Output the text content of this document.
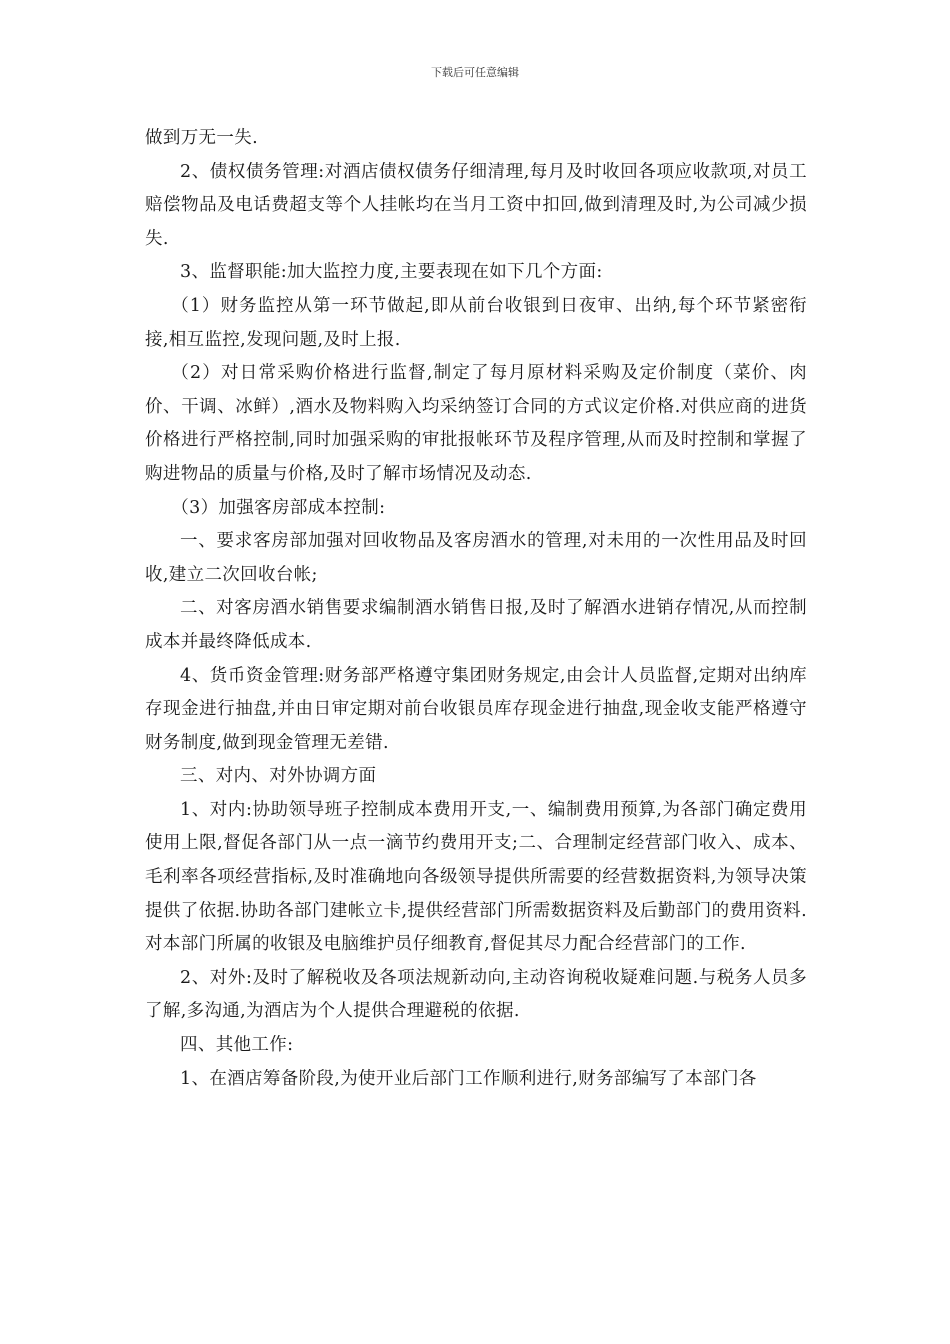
下载后可任意编辑

做到万无一失.

2、债权债务管理:对酒店债权债务仔细清理,每月及时收回各项应收款项,对员工赔偿物品及电话费超支等个人挂帐均在当月工资中扣回,做到清理及时,为公司减少损失.

3、监督职能:加大监控力度,主要表现在如下几个方面:

（1）财务监控从第一环节做起,即从前台收银到日夜审、出纳,每个环节紧密衔接,相互监控,发现问题,及时上报.

（2）对日常采购价格进行监督,制定了每月原材料采购及定价制度（菜价、肉价、干调、冰鲜）,酒水及物料购入均采纳签订合同的方式议定价格.对供应商的进货价格进行严格控制,同时加强采购的审批报帐环节及程序管理,从而及时控制和掌握了购进物品的质量与价格,及时了解市场情况及动态.

（3）加强客房部成本控制:

一、要求客房部加强对回收物品及客房酒水的管理,对未用的一次性用品及时回收,建立二次回收台帐;

二、对客房酒水销售要求编制酒水销售日报,及时了解酒水进销存情况,从而控制成本并最终降低成本.

4、货币资金管理:财务部严格遵守集团财务规定,由会计人员监督,定期对出纳库存现金进行抽盘,并由日审定期对前台收银员库存现金进行抽盘,现金收支能严格遵守财务制度,做到现金管理无差错.

三、对内、对外协调方面

1、对内:协助领导班子控制成本费用开支,一、编制费用预算,为各部门确定费用使用上限,督促各部门从一点一滴节约费用开支;二、合理制定经营部门收入、成本、毛利率各项经营指标,及时准确地向各级领导提供所需要的经营数据资料,为领导决策提供了依据.协助各部门建帐立卡,提供经营部门所需数据资料及后勤部门的费用资料.对本部门所属的收银及电脑维护员仔细教育,督促其尽力配合经营部门的工作.

2、对外:及时了解税收及各项法规新动向,主动咨询税收疑难问题.与税务人员多了解,多沟通,为酒店为个人提供合理避税的依据.

四、其他工作:

1、在酒店筹备阶段,为使开业后部门工作顺利进行,财务部编写了本部门各
